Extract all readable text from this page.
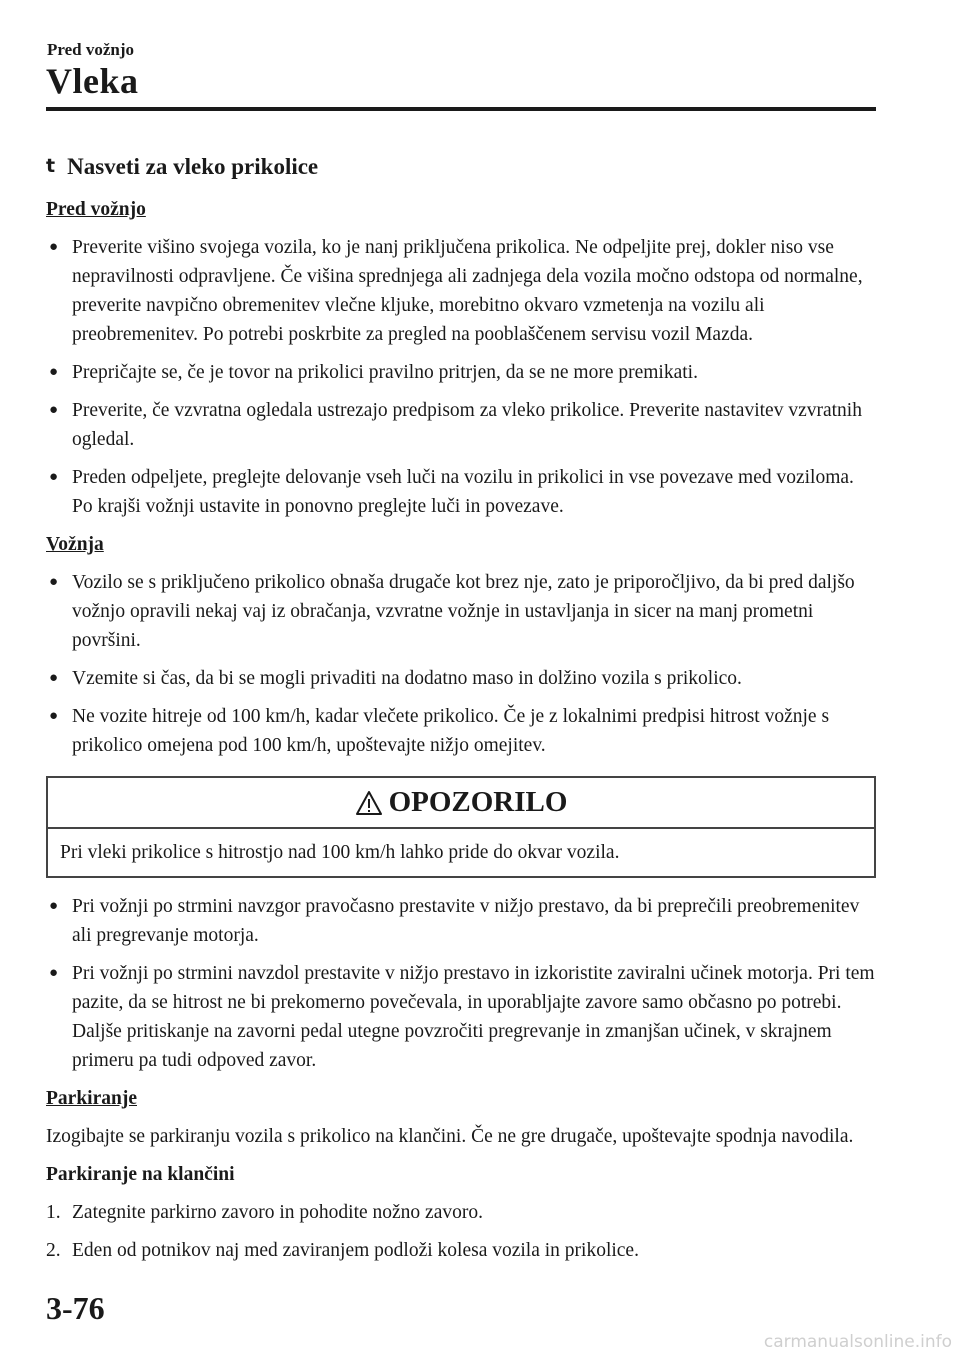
Pred vožnjo
Vleka
t Nasveti za vleko prikolice
Pred vožnjo
● Preverite višino svojega vozila, ko je nanj priključena prikolica. Ne odpeljite prej, dokler niso vse nepravilnosti odpravljene. Če višina sprednjega ali zadnjega dela vozila močno odstopa od normalne, preverite navpično obremenitev vlečne kljuke, morebitno okvaro vzmetenja na vozilu ali preobremenitev. Po potrebi poskrbite za pregled na pooblaščenem servisu vozil Mazda.
● Prepričajte se, če je tovor na prikolici pravilno pritrjen, da se ne more premikati.
● Preverite, če vzvratna ogledala ustrezajo predpisom za vleko prikolice. Preverite nastavitev vzvratnih ogledal.
● Preden odpeljete, preglejte delovanje vseh luči na vozilu in prikolici in vse povezave med voziloma. Po krajši vožnji ustavite in ponovno preglejte luči in povezave.
Vožnja
● Vozilo se s priključeno prikolico obnaša drugače kot brez nje, zato je priporočljivo, da bi pred daljšo vožnjo opravili nekaj vaj iz obračanja, vzvratne vožnje in ustavljanja in sicer na manj prometni površini.
● Vzemite si čas, da bi se mogli privaditi na dodatno maso in dolžino vozila s prikolico.
● Ne vozite hitreje od 100 km/h, kadar vlečete prikolico. Če je z lokalnimi predpisi hitrost vožnje s prikolico omejena pod 100 km/h, upoštevajte nižjo omejitev.
OPOZORILO
Pri vleki prikolice s hitrostjo nad 100 km/h lahko pride do okvar vozila.
● Pri vožnji po strmini navzgor pravočasno prestavite v nižjo prestavo, da bi preprečili preobremenitev ali pregrevanje motorja.
● Pri vožnji po strmini navzdol prestavite v nižjo prestavo in izkoristite zaviralni učinek motorja. Pri tem pazite, da se hitrost ne bi prekomerno povečevala, in uporabljajte zavore samo občasno po potrebi. Daljše pritiskanje na zavorni pedal utegne povzročiti pregrevanje in zmanjšan učinek, v skrajnem primeru pa tudi odpoved zavor.
Parkiranje

Izogibajte se parkiranju vozila s prikolico na klančini. Če ne gre drugače, upoštevajte spodnja navodila.

Parkiranje na klančini
1. Zategnite parkirno zavoro in pohodite nožno zavoro.
2. Eden od potnikov naj med zaviranjem podloži kolesa vozila in prikolice.
3-76
carmanualsonline.info
